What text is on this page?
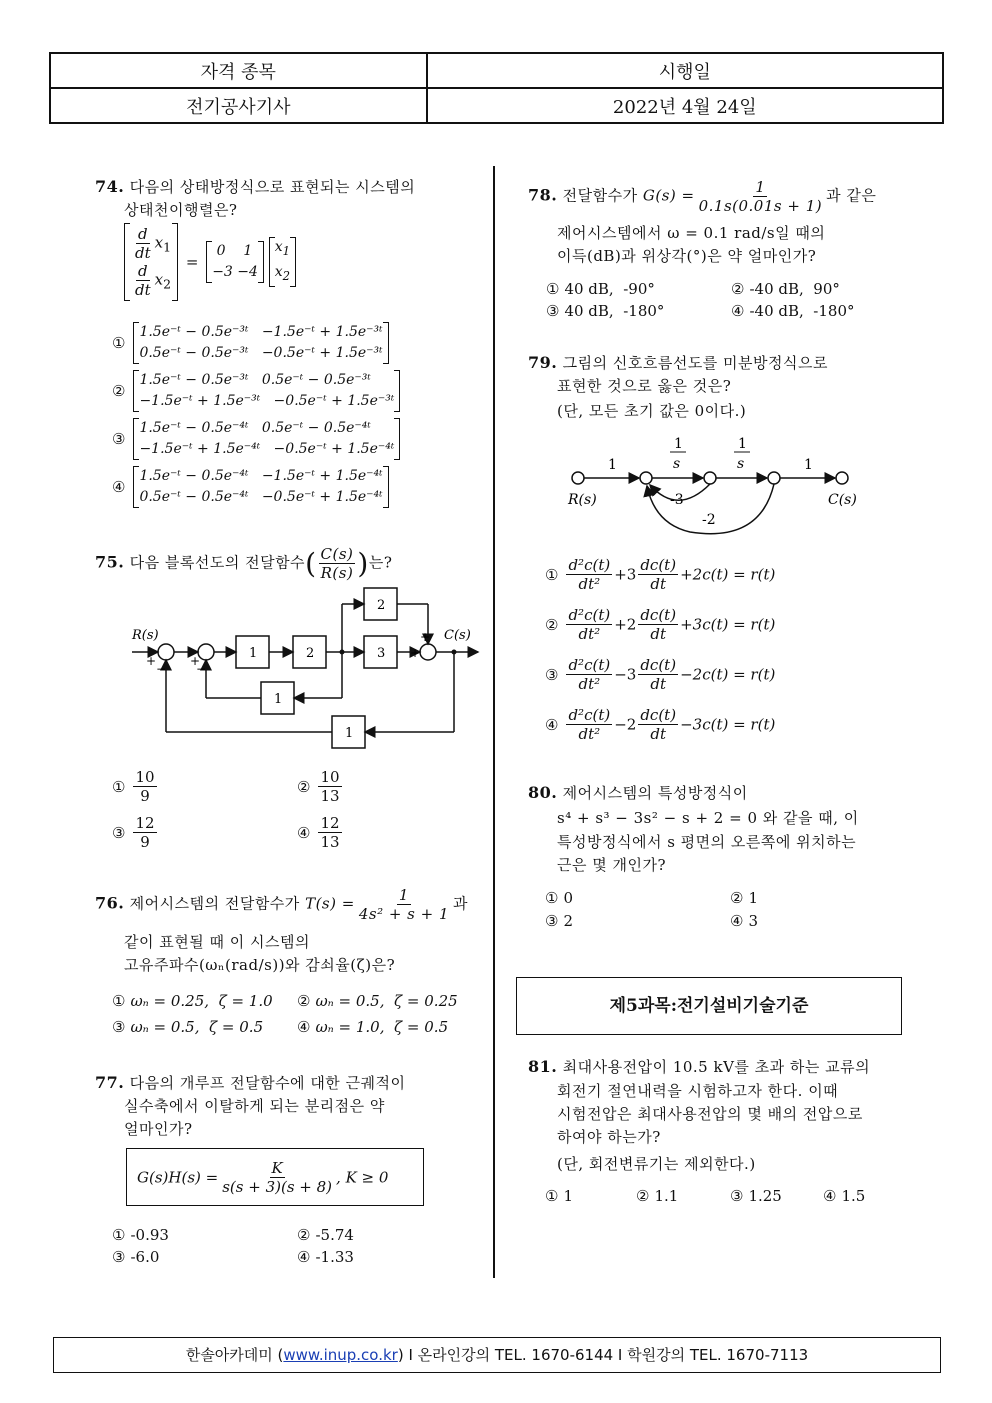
자격 종목	시행일
전기공사기사	2022년 4월 24일
74. 다음의 상태방정식으로 표현되는 시스템의
상태천이행렬은?
$\frac{d}{dt} x_1$
$\frac{d}{dt} x_2$
=  0    1
−3 −4 $x_1$
$x_2$
①
1.5e⁻ᵗ − 0.5e⁻³ᵗ   −1.5e⁻ᵗ + 1.5e⁻³ᵗ
0.5e⁻ᵗ − 0.5e⁻³ᵗ   −0.5e⁻ᵗ + 1.5e⁻³ᵗ
②
1.5e⁻ᵗ − 0.5e⁻³ᵗ   0.5e⁻ᵗ − 0.5e⁻³ᵗ
−1.5e⁻ᵗ + 1.5e⁻³ᵗ   −0.5e⁻ᵗ + 1.5e⁻³ᵗ
③
1.5e⁻ᵗ − 0.5e⁻⁴ᵗ   0.5e⁻ᵗ − 0.5e⁻⁴ᵗ
−1.5e⁻ᵗ + 1.5e⁻⁴ᵗ   −0.5e⁻ᵗ + 1.5e⁻⁴ᵗ
④
1.5e⁻ᵗ − 0.5e⁻⁴ᵗ   −1.5e⁻ᵗ + 1.5e⁻⁴ᵗ
0.5e⁻ᵗ − 0.5e⁻⁴ᵗ   −0.5e⁻ᵗ + 1.5e⁻⁴ᵗ
75. 다음 블록선도의 전달함수( $\frac{C(s)}{R(s)}$ )는?
R(s)	C(s)
1	2	3
2
1
1
+
−
+
−
+
+
① $\frac{10}{9}$	② $\frac{10}{13}$
③ $\frac{12}{9}$	④ $\frac{12}{13}$
76. 제어시스템의 전달함수가 $T(s) = \frac{1}{\text{4s² + s + 1}}$ 과
같이 표현될 때 이 시스템의
고유주파수(ωₙ(rad/s))와 감쇠율(ζ)은?
① ωₙ = 0.25,  ζ = 1.0 ② ωₙ = 0.5,  ζ = 0.25
③ ωₙ = 0.5,  ζ = 0.5 ④ ωₙ = 1.0,  ζ = 0.5
77. 다음의 개루프 전달함수에 대한 근궤적이
실수축에서 이탈하게 되는 분리점은 약
얼마인가?
$G(s)H(s) = \frac{K}{s(s + 3)(s + 8)}$ , K ≥ 0
① -0.93	② -5.74
③ -6.0	④ -1.33
78. 전달함수가 $G(s) = \frac{1}{0.1s(0.01s + 1)}$ 과 같은
제어시스템에서 ω = 0.1 rad/s일 때의
이득(dB)과 위상각(°)은 약 얼마인가?
① 40 dB,  -90°	② -40 dB,  90°
③ 40 dB,  -180°	④ -40 dB,  -180°
79. 그림의 신호흐름선도를 미분방정식으로
표현한 것으로 옳은 것은?
(단, 모든 초기 값은 0이다.)
R(s)	C(s)
1
1
s
1
s	1
-3
-2
① $\frac{\text{d²c(t)}}{\text{dt²}} +3 \frac{dc(t)}{dt} +2c(t) = r(t)$
② $\frac{\text{d²c(t)}}{\text{dt²}} +2 \frac{dc(t)}{dt} +3c(t) = r(t)$
③ $\frac{\text{d²c(t)}}{\text{dt²}} -3 \frac{dc(t)}{dt} -2c(t) = r(t)$
④ $\frac{\text{d²c(t)}}{\text{dt²}} -2 \frac{dc(t)}{dt} -3c(t) = r(t)$
80. 제어시스템의 특성방정식이
s⁴ + s³ − 3s² − s + 2 = 0 와 같을 때, 이
특성방정식에서 s 평면의 오른쪽에 위치하는
근은 몇 개인가?
① 0	② 1
③ 2	④ 3
제5과목:전기설비기술기준
81. 최대사용전압이 10.5 kV를 초과 하는 교류의
회전기 절연내력을 시험하고자 한다. 이때
시험전압은 최대사용전압의 몇 배의 전압으로
하여야 하는가?
(단, 회전변류기는 제외한다.)
① 1	② 1.1	③ 1.25	④ 1.5
한솔아카데미 (www.inup.co.kr) I 온라인강의 TEL. 1670-6144 I 학원강의 TEL. 1670-7113
